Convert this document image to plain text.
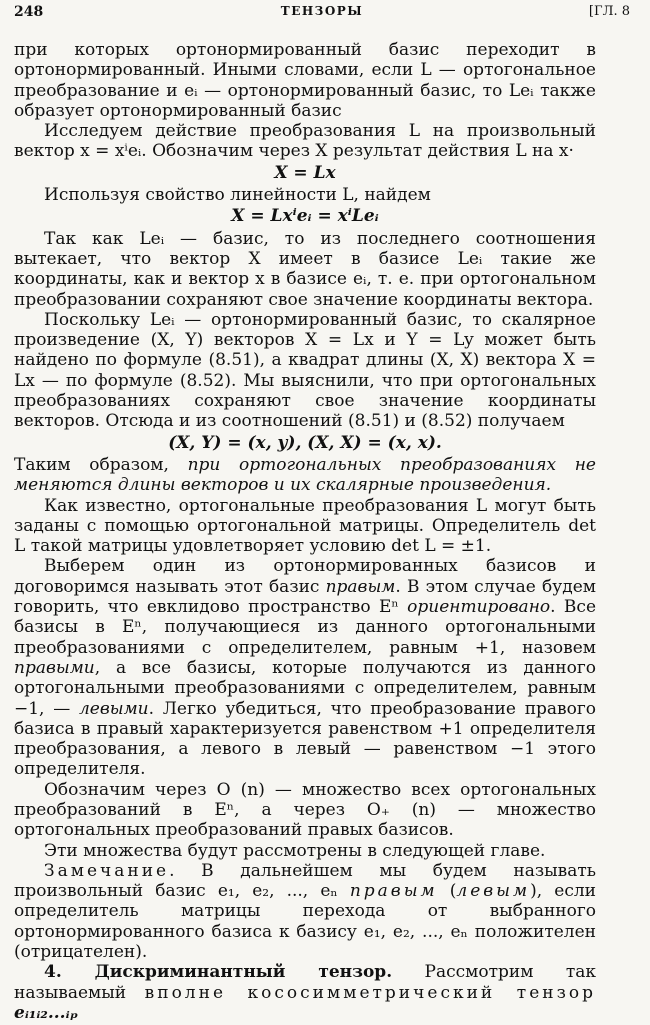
248	ТЕНЗОРЫ	[ГЛ. 8

при которых ортонормированный базис переходит в ортонормированный. Иными словами, если L — ортогональное преобразование и eᵢ — ортонормированный базис, то Leᵢ также образует ортонормированный базис

Исследуем действие преобразования L на произвольный вектор x = xⁱeᵢ. Обозначим через X результат действия L на x·

X = Lx

Используя свойство линейности L, найдем

X = Lxⁱeᵢ = xⁱLeᵢ

Так как Leᵢ — базис, то из последнего соотношения вытекает, что вектор X имеет в базисе Leᵢ такие же координаты, как и вектор x в базисе eᵢ, т. е. при ортогональном преобразовании сохраняют свое значение координаты вектора.

Поскольку Leᵢ — ортонормированный базис, то скалярное произведение (X, Y) векторов X = Lx и Y = Ly может быть найдено по формуле (8.51), а квадрат длины (X, X) вектора X = Lx — по формуле (8.52). Мы выяснили, что при ортогональных преобразованиях сохраняют свое значение координаты векторов. Отсюда и из соотношений (8.51) и (8.52) получаем

(X, Y) = (x, y), (X, X) = (x, x).

Таким образом, при ортогональных преобразованиях не меняются длины векторов и их скалярные произведения.

Как известно, ортогональные преобразования L могут быть заданы с помощью ортогональной матрицы. Определитель det L такой матрицы удовлетворяет условию det L = ±1.

Выберем один из ортонормированных базисов и договоримся называть этот базис правым. В этом случае будем говорить, что евклидово пространство Eⁿ ориентировано. Все базисы в Eⁿ, получающиеся из данного ортогональными преобразованиями с определителем, равным +1, назовем правыми, а все базисы, которые получаются из данного ортогональными преобразованиями с определителем, равным −1, — левыми. Легко убедиться, что преобразование правого базиса в правый характеризуется равенством +1 определителя преобразования, а левого в левый — равенством −1 этого определителя.

Обозначим через O (n) — множество всех ортогональных преобразований в Eⁿ, а через O₊ (n) — множество ортогональных преобразований правых базисов.

Эти множества будут рассмотрены в следующей главе.

Замечание. В дальнейшем мы будем называть произвольный базис e₁, e₂, ..., eₙ правым (левым), если определитель матрицы перехода от выбранного ортонормированного базиса к базису e₁, e₂, ..., eₙ положителен (отрицателен).

4. Дискриминантный тензор. Рассмотрим так называемый вполне кососимметрический тензор eᵢ₁ᵢ₂...ᵢₚ
